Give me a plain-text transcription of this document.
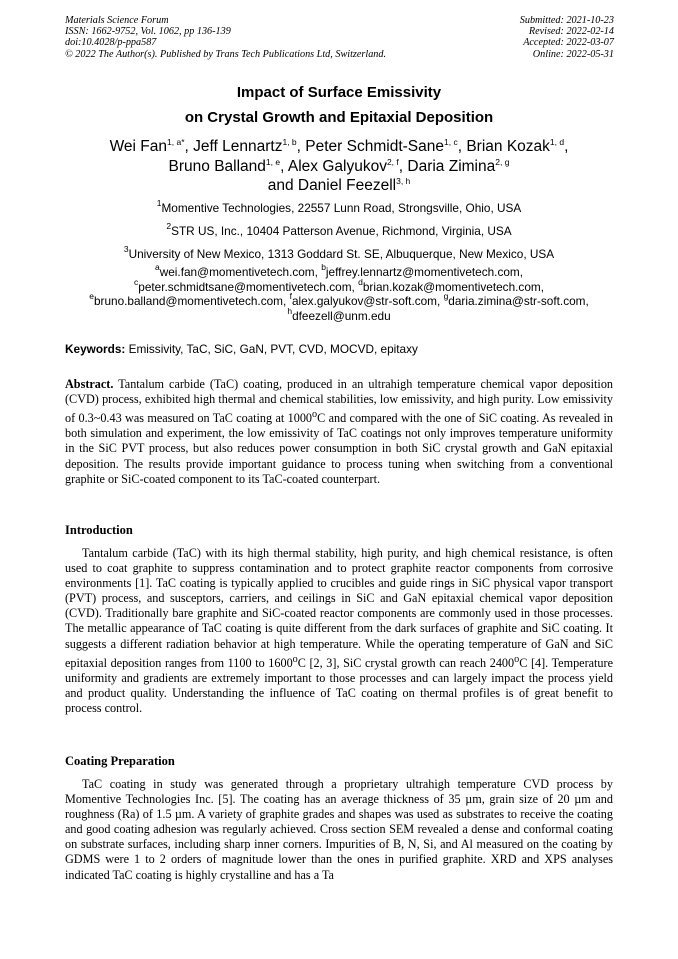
Materials Science Forum
ISSN: 1662-9752, Vol. 1062, pp 136-139
doi:10.4028/p-ppa587
© 2022 The Author(s). Published by Trans Tech Publications Ltd, Switzerland.
Submitted: 2021-10-23
Revised: 2022-02-14
Accepted: 2022-03-07
Online: 2022-05-31
Impact of Surface Emissivity
on Crystal Growth and Epitaxial Deposition
Wei Fan$^{1, a*}$, Jeff Lennartz$^{1, b}$, Peter Schmidt-Sane$^{1, c}$, Brian Kozak$^{1, d}$,
Bruno Balland$^{1, e}$, Alex Galyukov$^{2, f}$, Daria Zimina$^{2, g}$
and Daniel Feezell$^{3, h}$
$^1$Momentive Technologies, 22557 Lunn Road, Strongsville, Ohio, USA
$^2$STR US, Inc., 10404 Patterson Avenue, Richmond, Virginia, USA
$^3$University of New Mexico, 1313 Goddard St. SE, Albuquerque, New Mexico, USA
$^a$wei.fan@momentivetech.com, $^b$jeffrey.lennartz@momentivetech.com,
$^c$peter.schmidtsane@momentivetech.com, $^d$brian.kozak@momentivetech.com,
$^e$bruno.balland@momentivetech.com, $^f$alex.galyukov@str-soft.com, $^g$daria.zimina@str-soft.com,
$^h$dfeezell@unm.edu
Keywords: Emissivity, TaC, SiC, GaN, PVT, CVD, MOCVD, epitaxy
Abstract. Tantalum carbide (TaC) coating, produced in an ultrahigh temperature chemical vapor deposition (CVD) process, exhibited high thermal and chemical stabilities, low emissivity, and high purity. Low emissivity of 0.3~0.43 was measured on TaC coating at 1000$^o$C and compared with the one of SiC coating. As revealed in both simulation and experiment, the low emissivity of TaC coatings not only improves temperature uniformity in the SiC PVT process, but also reduces power consumption in both SiC crystal growth and GaN epitaxial deposition. The results provide important guidance to process tuning when switching from a conventional graphite or SiC-coated component to its TaC-coated counterpart.
Introduction
Tantalum carbide (TaC) with its high thermal stability, high purity, and high chemical resistance, is often used to coat graphite to suppress contamination and to protect graphite reactor components from corrosive environments [1]. TaC coating is typically applied to crucibles and guide rings in SiC physical vapor transport (PVT) process, and susceptors, carriers, and ceilings in SiC and GaN epitaxial chemical vapor deposition (CVD). Traditionally bare graphite and SiC-coated reactor components are commonly used in those processes. The metallic appearance of TaC coating is quite different from the dark surfaces of graphite and SiC coating. It suggests a different radiation behavior at high temperature. While the operating temperature of GaN and SiC epitaxial deposition ranges from 1100 to 1600$^o$C [2, 3], SiC crystal growth can reach 2400$^o$C [4]. Temperature uniformity and gradients are extremely important to those processes and can largely impact the process yield and product quality. Understanding the influence of TaC coating on thermal profiles is of great benefit to process control.
Coating Preparation
TaC coating in study was generated through a proprietary ultrahigh temperature CVD process by Momentive Technologies Inc. [5]. The coating has an average thickness of 35 µm, grain size of 20 µm and roughness (Ra) of 1.5 µm. A variety of graphite grades and shapes was used as substrates to receive the coating and good coating adhesion was regularly achieved. Cross section SEM revealed a dense and conformal coating on substrate surfaces, including sharp inner corners. Impurities of B, N, Si, and Al measured on the coating by GDMS were 1 to 2 orders of magnitude lower than the ones in purified graphite. XRD and XPS analyses indicated TaC coating is highly crystalline and has a Ta
